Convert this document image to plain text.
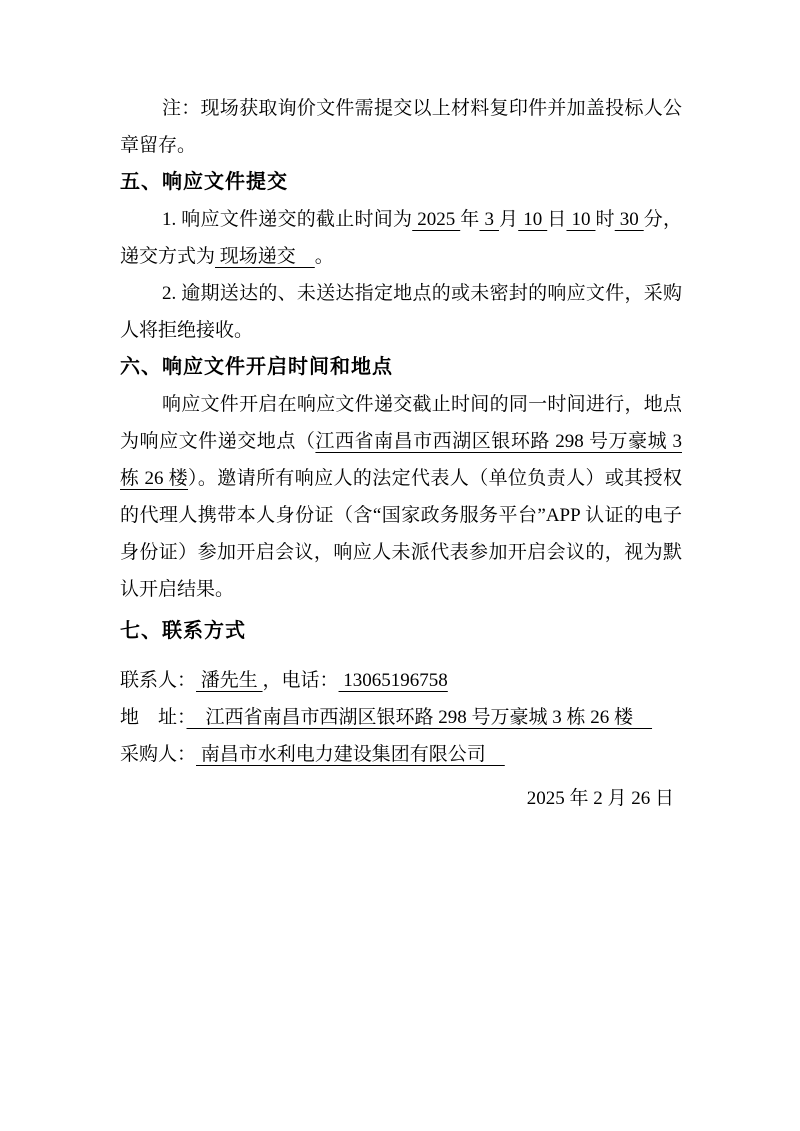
注：现场获取询价文件需提交以上材料复印件并加盖投标人公章留存。

五、响应文件提交

1. 响应文件递交的截止时间为 2025 年 3 月 10 日 10 时 30 分，递交方式为 现场递交　。

2. 逾期送达的、未送达指定地点的或未密封的响应文件，采购人将拒绝接收。

六、响应文件开启时间和地点

响应文件开启在响应文件递交截止时间的同一时间进行，地点为响应文件递交地点（江西省南昌市西湖区银环路 298 号万豪城 3 栋 26 楼）。邀请所有响应人的法定代表人（单位负责人）或其授权的代理人携带本人身份证（含“国家政务服务平台”APP 认证的电子身份证）参加开启会议，响应人未派代表参加开启会议的，视为默认开启结果。

七、联系方式

联系人： 潘先生 ，电话： 13065196758

地　址：　江西省南昌市西湖区银环路 298 号万豪城 3 栋 26 楼　

采购人： 南昌市水利电力建设集团有限公司　

2025 年 2 月 26 日
